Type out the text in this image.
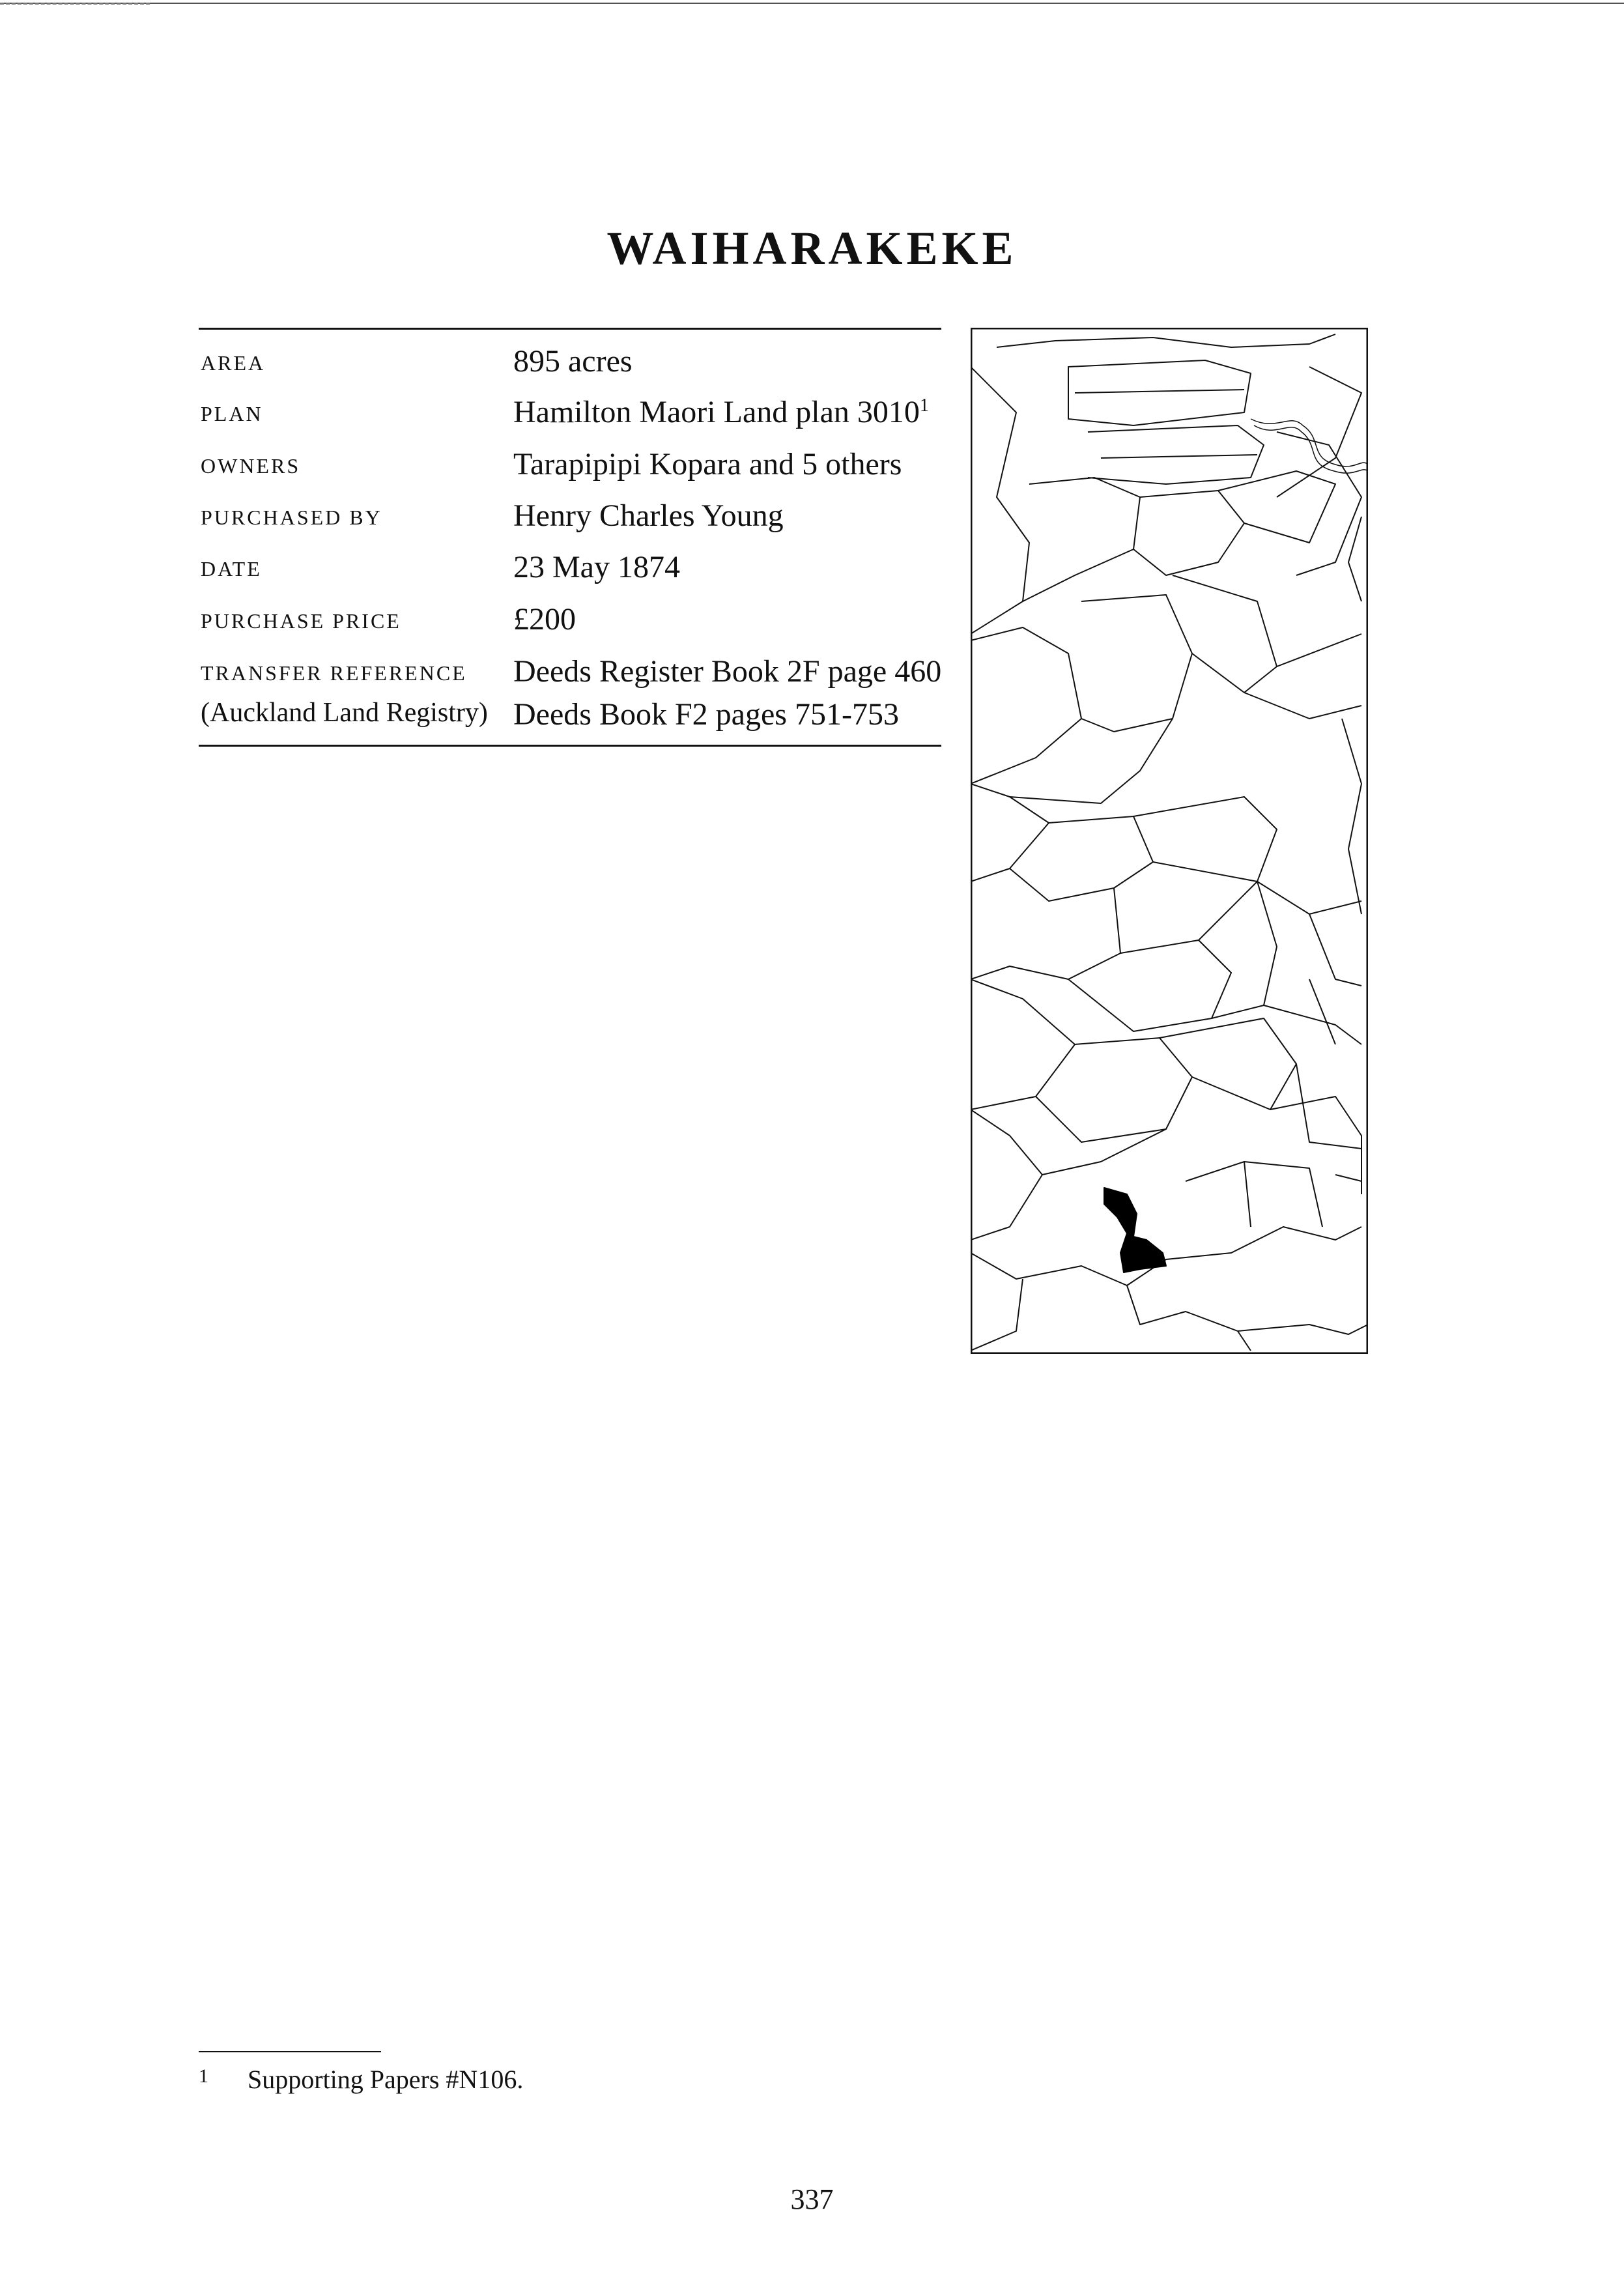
WAIHARAKEKE
AREA	895 acres
PLAN	Hamilton Maori Land plan 3010$^1$
OWNERS	Tarapipipi Kopara and 5 others
PURCHASED BY	Henry Charles Young
DATE	23 May 1874
PURCHASE PRICE	£200
TRANSFER REFERENCE Deeds Register Book 2F page 460
(Auckland Land Registry) Deeds Book F2 pages 751-753
1 Supporting Papers #N106.
337
